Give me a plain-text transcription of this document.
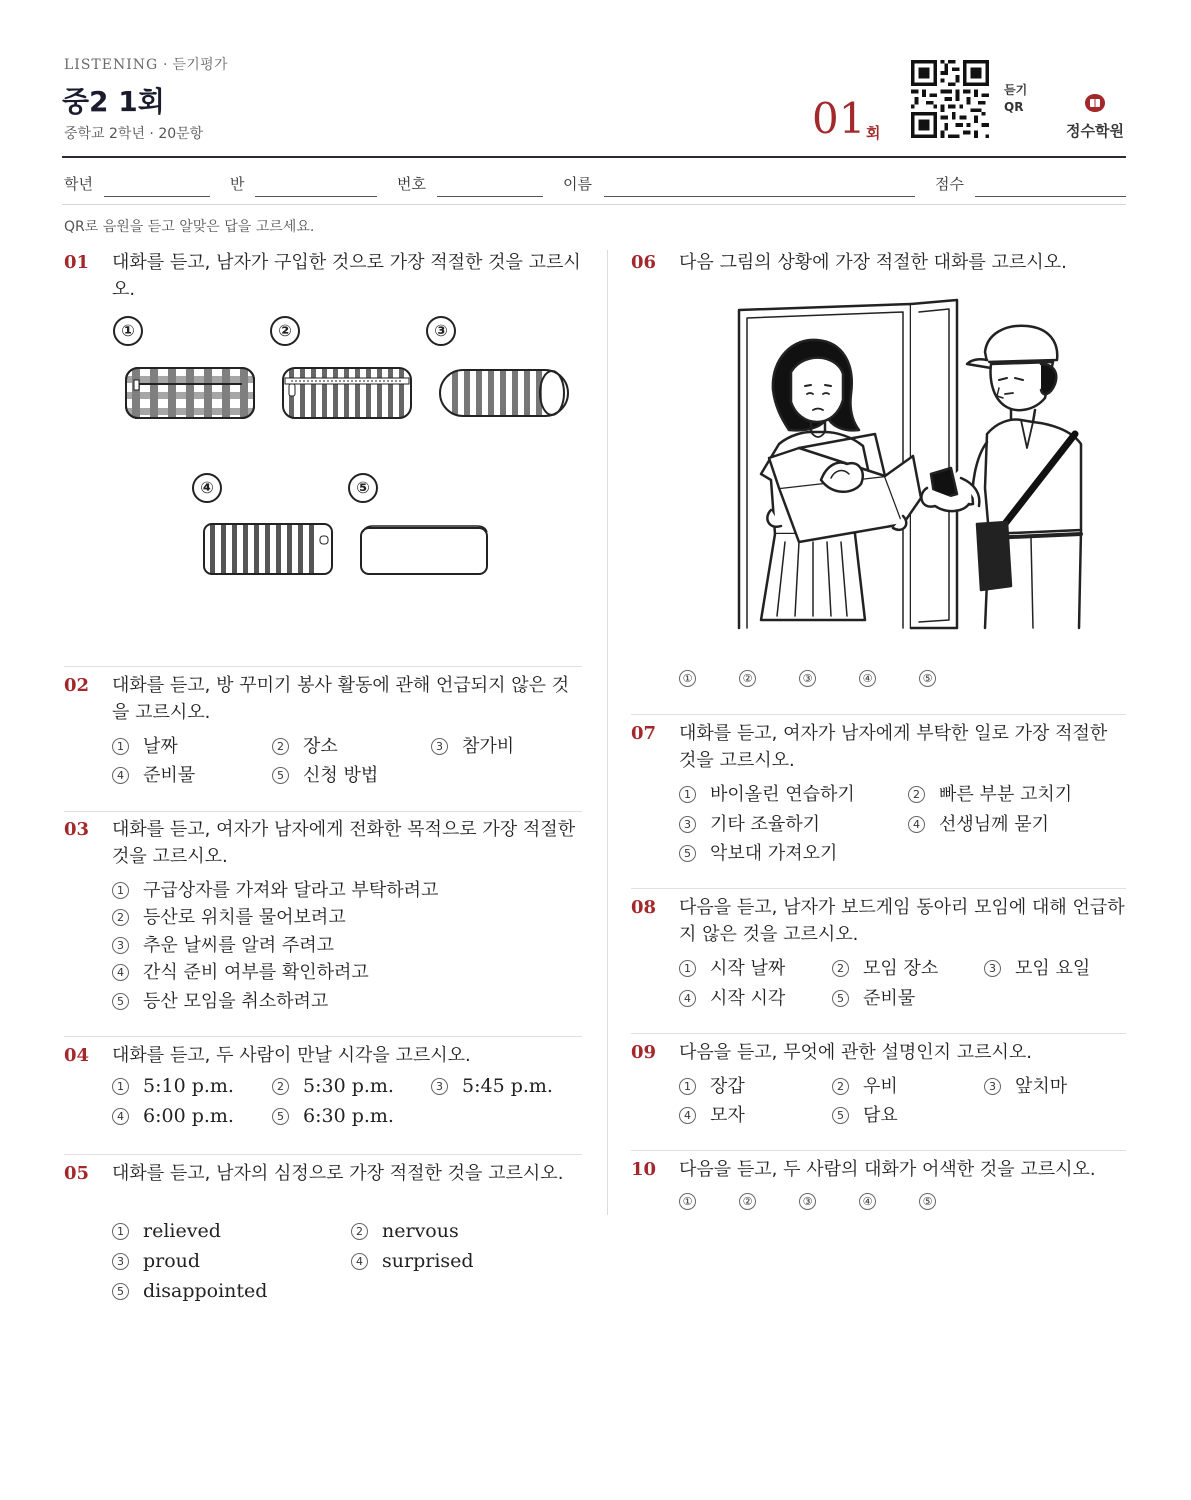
LISTENING · 듣기평가
중2 1회
중학교 2학년 · 20문항	01 회
듣기
QR
정수학원
학년	반	번호	이름	점수
QR로 음원을 듣고 알맞은 답을 고르세요.
01 대화를 듣고, 남자가 구입한 것으로 가장 적절한 것을 고르시오.
①	②	③
④	⑤
02 대화를 듣고, 방 꾸미기 봉사 활동에 관해 언급되지 않은 것을 고르시오.
1 날짜	2 장소	3 참가비
4 준비물	5 신청 방법
03 대화를 듣고, 여자가 남자에게 전화한 목적으로 가장 적절한 것을 고르시오.
1 구급상자를 가져와 달라고 부탁하려고
2 등산로 위치를 물어보려고
3 추운 날씨를 알려 주려고
4 간식 준비 여부를 확인하려고
5 등산 모임을 취소하려고
04 대화를 듣고, 두 사람이 만날 시각을 고르시오.
1 5:10 p.m.	2 5:30 p.m.	3 5:45 p.m.
4 6:00 p.m.	5 6:30 p.m.
05 대화를 듣고, 남자의 심정으로 가장 적절한 것을 고르시오.
1 relieved	2 nervous
3 proud	4 surprised
5 disappointed
06 다음 그림의 상황에 가장 적절한 대화를 고르시오.
①	②	③	④	⑤
07 대화를 듣고, 여자가 남자에게 부탁한 일로 가장 적절한 것을 고르시오.
1 바이올린 연습하기	2 빠른 부분 고치기
3 기타 조율하기	4 선생님께 묻기
5 악보대 가져오기
08 다음을 듣고, 남자가 보드게임 동아리 모임에 대해 언급하지 않은 것을 고르시오.
1 시작 날짜	2 모임 장소	3 모임 요일
4 시작 시각	5 준비물
09 다음을 듣고, 무엇에 관한 설명인지 고르시오.
1 장갑	2 우비	3 앞치마
4 모자	5 담요
10 다음을 듣고, 두 사람의 대화가 어색한 것을 고르시오.
①	②	③	④	⑤
